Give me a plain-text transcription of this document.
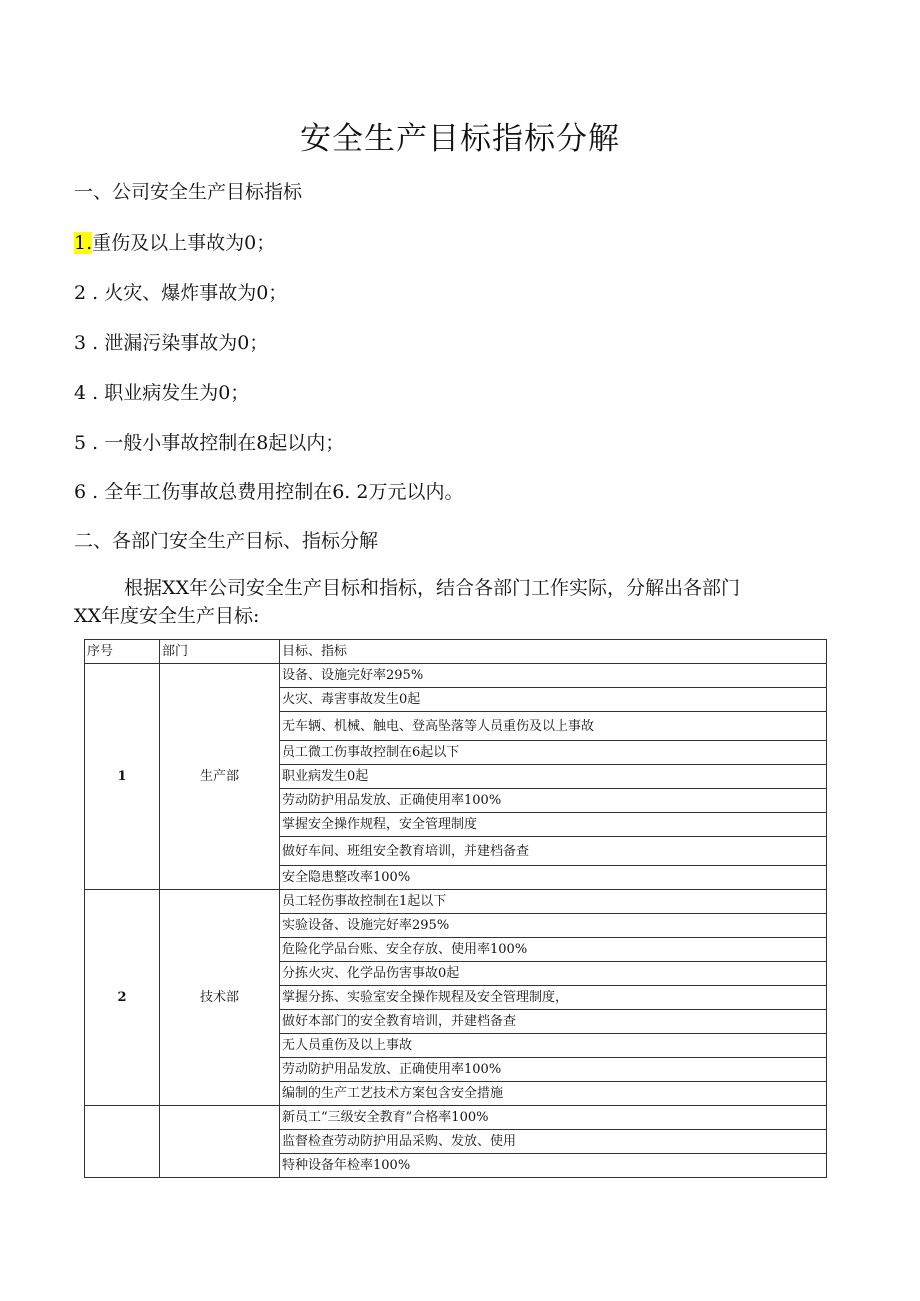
安全生产目标指标分解
一、公司安全生产目标指标
1.重伤及以上事故为0；
2 . 火灾、爆炸事故为0；
3 . 泄漏污染事故为0；
4 . 职业病发生为0；
5 . 一般小事故控制在8起以内；
6 . 全年工伤事故总费用控制在6. 2万元以内。
二、各部门安全生产目标、指标分解
根据XX年公司安全生产目标和指标，结合各部门工作实际，分解出各部门
XX年度安全生产目标:
序号	部门	目标、指标
1	生产部	设备、设施完好率295%
		火灾、毒害事故发生0起
		无车辆、机械、触电、登高坠落等人员重伤及以上事故
		员工微工伤事故控制在6起以下
		职业病发生0起
		劳动防护用品发放、正确使用率100%
		掌握安全操作规程，安全管理制度
		做好车间、班组安全教育培训，并建档备查
		安全隐患整改率100%
2	技术部	员工轻伤事故控制在1起以下
		实验设备、设施完好率295%
		危险化学品台账、安全存放、使用率100%
		分拣火灾、化学品伤害事故0起
		掌握分拣、实验室安全操作规程及安全管理制度，
		做好本部门的安全教育培训，并建档备查
		无人员重伤及以上事故
		劳动防护用品发放、正确使用率100%
		编制的生产工艺技术方案包含安全措施
		新员工“三级安全教育”合格率100%
		监督检查劳动防护用品采购、发放、使用
		特种设备年检率100%
